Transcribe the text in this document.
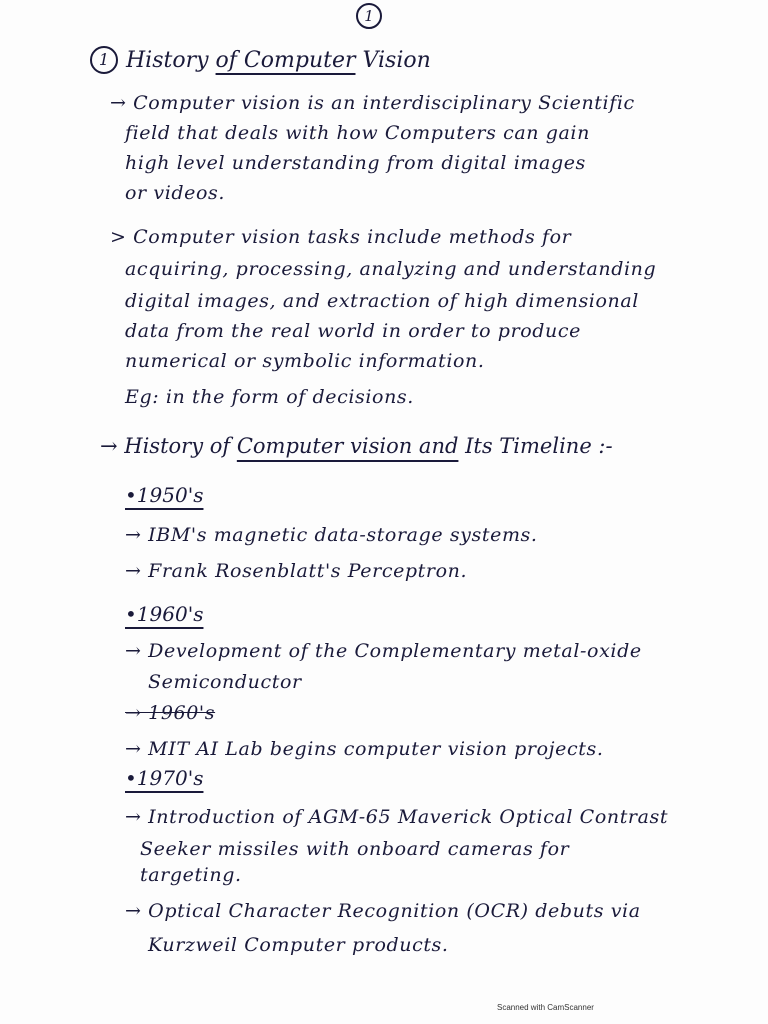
1
1 History
of Computer
Vision
→ Computer vision is an interdisciplinary Scientific
field that deals with how Computers can gain
high level understanding from digital images
or videos.
> Computer vision tasks include methods for
acquiring, processing, analyzing and understanding
digital images, and extraction of high dimensional
data from the real world in order to produce
numerical or symbolic information.
Eg: in the form of decisions.
→ History of Computer vision and Its Timeline :-
•1950's
→ IBM's magnetic data-storage systems.
→ Frank Rosenblatt's Perceptron.
•1960's
→ Development of the Complementary metal-oxide
Semiconductor
→ 1960's
→ MIT AI Lab begins computer vision projects.
•1970's
→ Introduction of AGM-65 Maverick Optical Contrast
Seeker missiles with onboard cameras for
targeting.
→ Optical Character Recognition (OCR) debuts via
Kurzweil Computer products.
Scanned with CamScanner
